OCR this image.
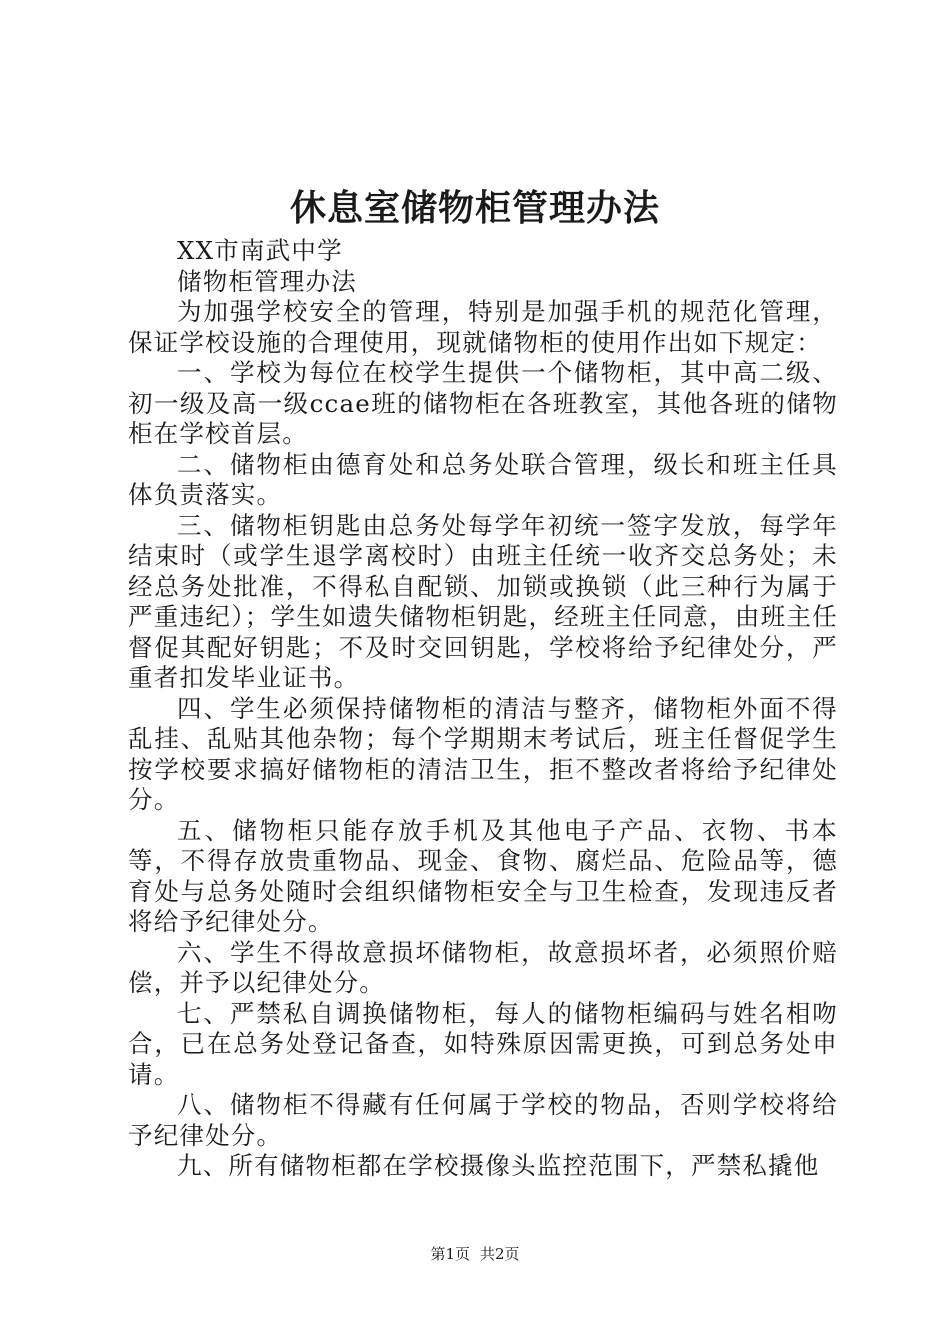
休息室储物柜管理办法

XX市南武中学

储物柜管理办法

为加强学校安全的管理，特别是加强手机的规范化管理，保证学校设施的合理使用，现就储物柜的使用作出如下规定：

一、学校为每位在校学生提供一个储物柜，其中高二级、初一级及高一级ccae班的储物柜在各班教室，其他各班的储物柜在学校首层。

二、储物柜由德育处和总务处联合管理，级长和班主任具体负责落实。

三、储物柜钥匙由总务处每学年初统一签字发放，每学年结束时（或学生退学离校时）由班主任统一收齐交总务处；未经总务处批准，不得私自配锁、加锁或换锁（此三种行为属于严重违纪）；学生如遗失储物柜钥匙，经班主任同意，由班主任督促其配好钥匙；不及时交回钥匙，学校将给予纪律处分，严重者扣发毕业证书。

四、学生必须保持储物柜的清洁与整齐，储物柜外面不得乱挂、乱贴其他杂物；每个学期期末考试后，班主任督促学生按学校要求搞好储物柜的清洁卫生，拒不整改者将给予纪律处分。

五、储物柜只能存放手机及其他电子产品、衣物、书本等，不得存放贵重物品、现金、食物、腐烂品、危险品等，德育处与总务处随时会组织储物柜安全与卫生检查，发现违反者将给予纪律处分。

六、学生不得故意损坏储物柜，故意损坏者，必须照价赔偿，并予以纪律处分。

七、严禁私自调换储物柜，每人的储物柜编码与姓名相吻合，已在总务处登记备查，如特殊原因需更换，可到总务处申请。

八、储物柜不得藏有任何属于学校的物品，否则学校将给予纪律处分。

九、所有储物柜都在学校摄像头监控范围下，严禁私撬他

第1页 共2页
